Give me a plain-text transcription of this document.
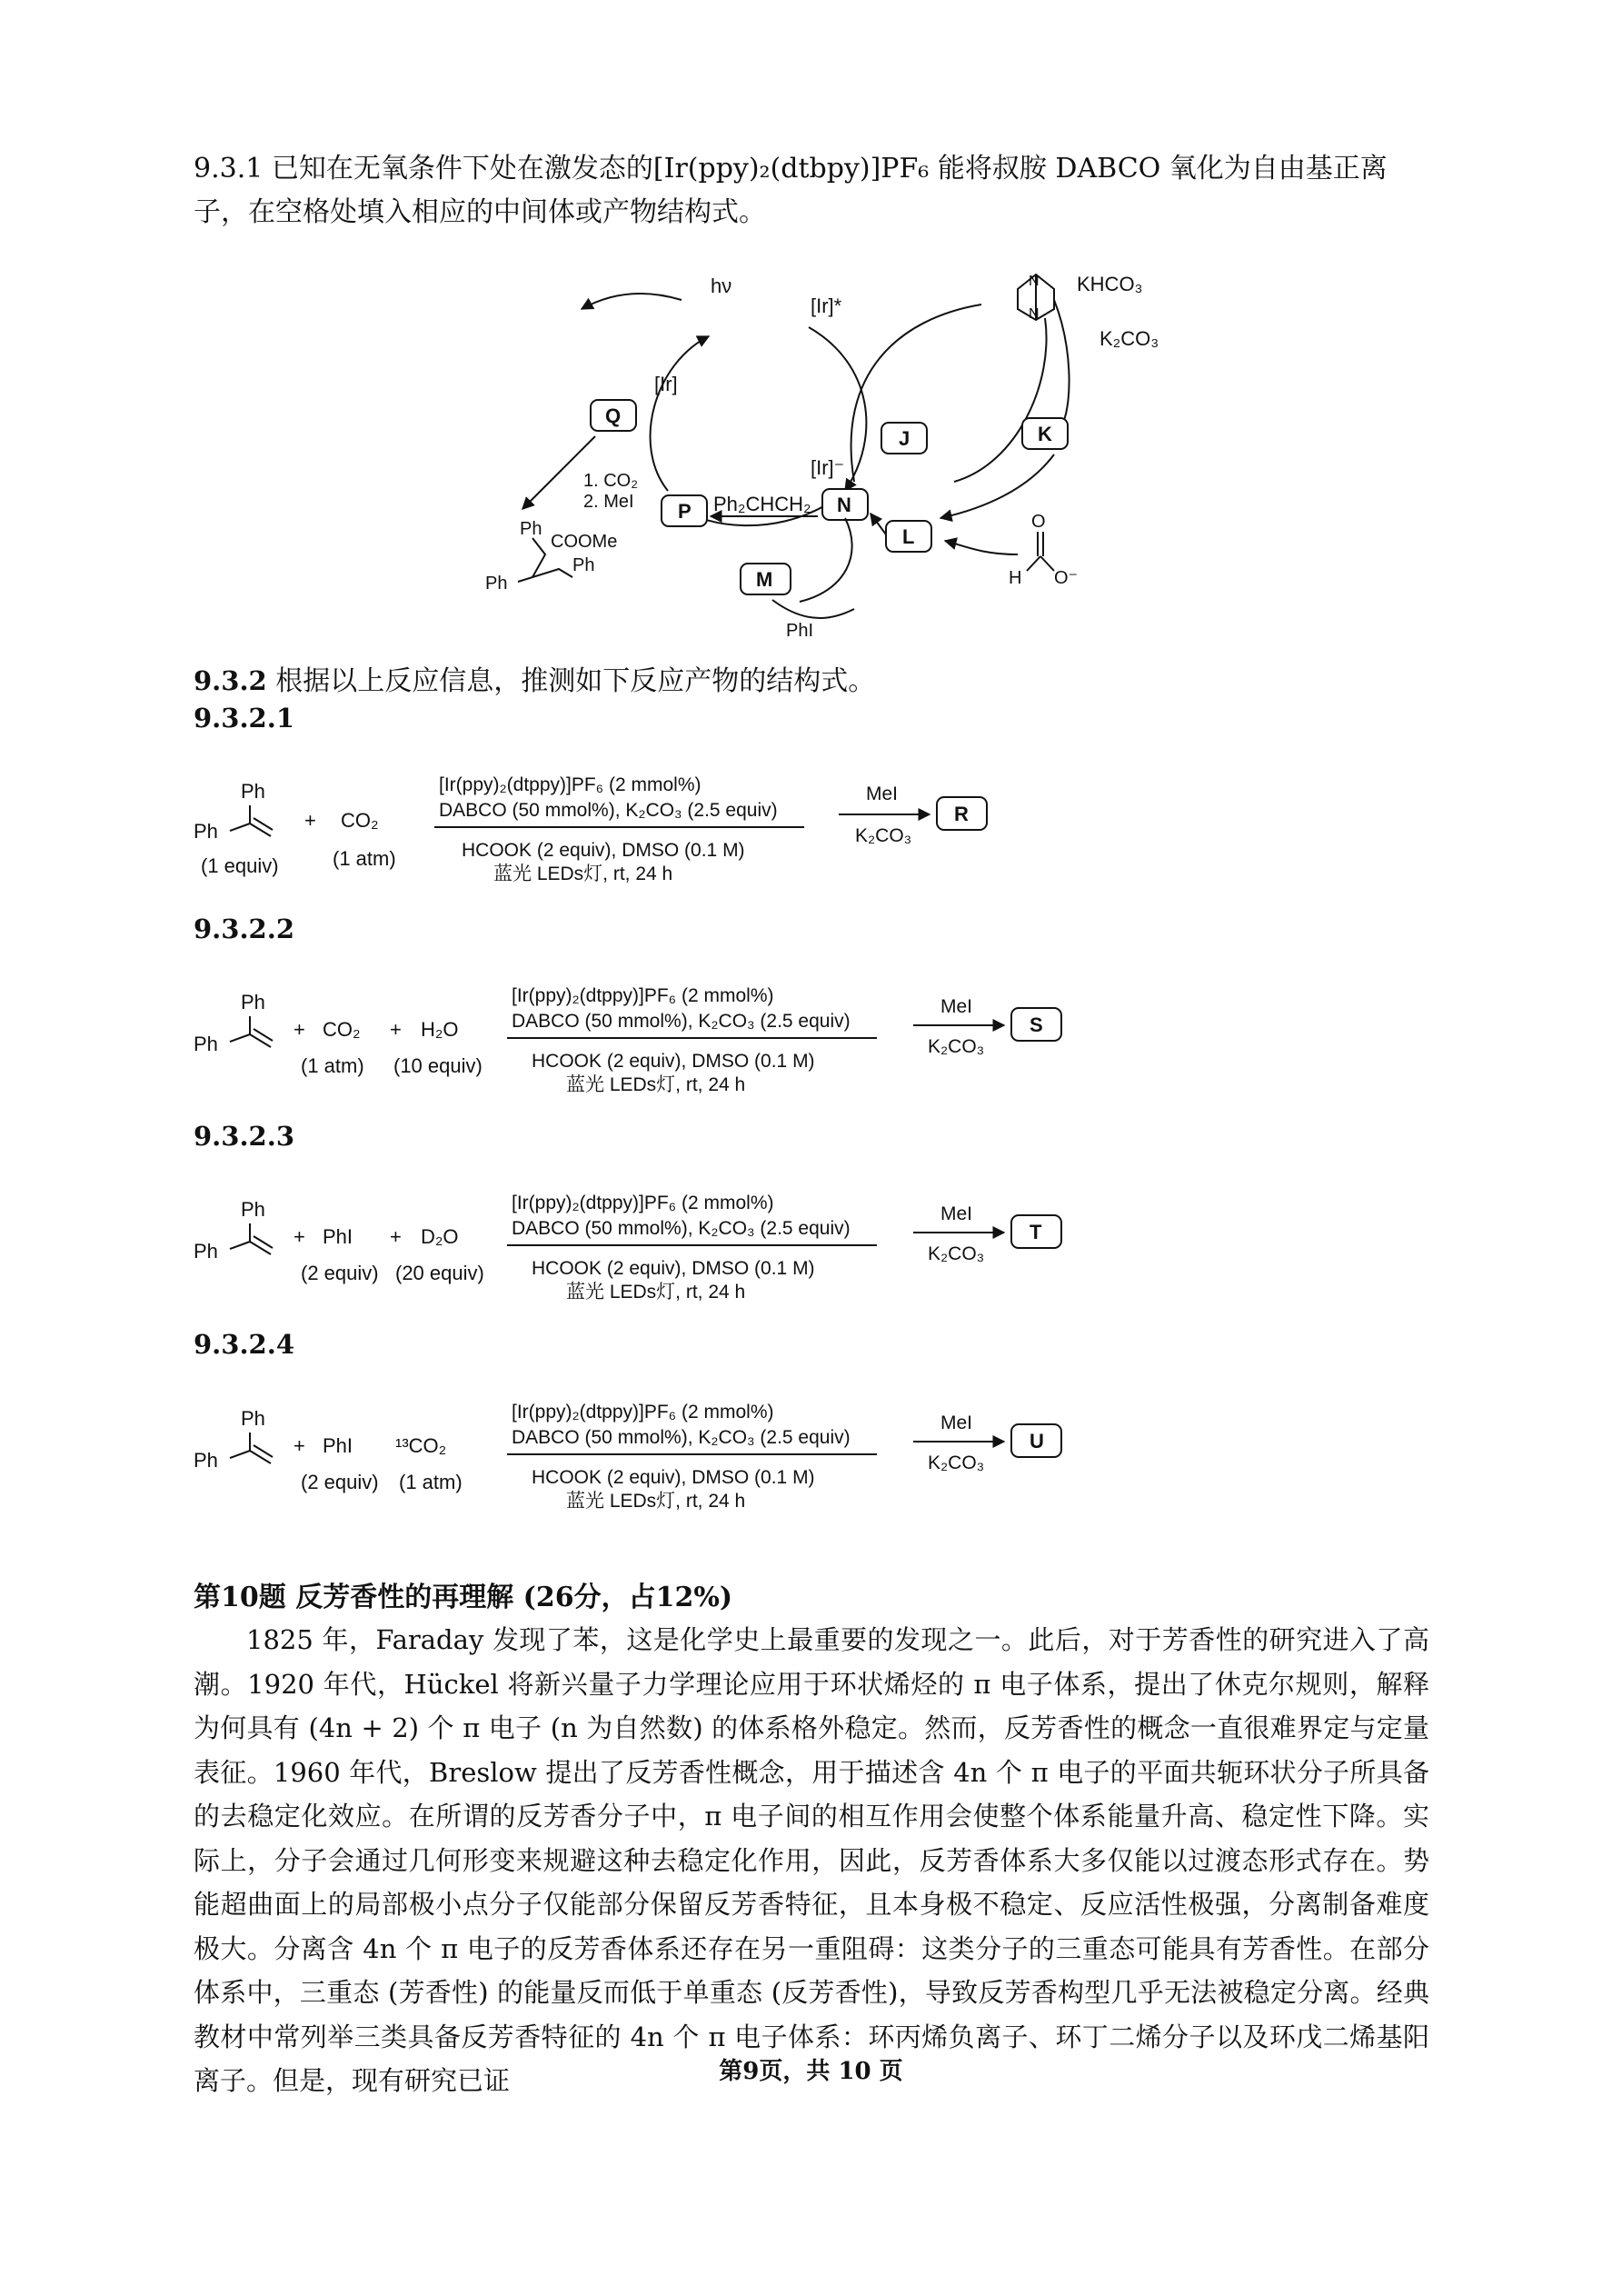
9.3.1 已知在无氧条件下处在激发态的[Ir(ppy)₂(dtbpy)]PF₆ 能将叔胺 DABCO 氧化为自由基正离子，在空格处填入相应的中间体或产物结构式。
hν
[Ir]*
[Ir]
[Ir]⁻
N
N
KHCO₃
K₂CO₃
Q
J	K
P	N
L
M
Ph₂CHCH₂
1. CO₂
2. MeI
Ph
COOMe
Ph
Ph
PhI
O
H O⁻
9.3.2 根据以上反应信息，推测如下反应产物的结构式。
9.3.2.1
Ph
Ph
(1 equiv)
+ CO₂
(1 atm)
[Ir(ppy)₂(dtppy)]PF₆ (2 mmol%)
DABCO (50 mmol%), K₂CO₃ (2.5 equiv)
HCOOK (2 equiv), DMSO (0.1 M)
蓝光 LEDs灯, rt, 24 h
MeI
K₂CO₃
R
9.3.2.2
Ph
Ph
+ CO₂
(1 atm)
+ H₂O
(10 equiv)
[Ir(ppy)₂(dtppy)]PF₆ (2 mmol%)
DABCO (50 mmol%), K₂CO₃ (2.5 equiv)
HCOOK (2 equiv), DMSO (0.1 M)
蓝光 LEDs灯, rt, 24 h
MeI
K₂CO₃
S
9.3.2.3
Ph
Ph
+ PhI
(2 equiv)
+ D₂O
(20 equiv)
[Ir(ppy)₂(dtppy)]PF₆ (2 mmol%)
DABCO (50 mmol%), K₂CO₃ (2.5 equiv)
HCOOK (2 equiv), DMSO (0.1 M)
蓝光 LEDs灯, rt, 24 h
MeI
K₂CO₃
T
9.3.2.4
Ph
Ph
+ PhI
(2 equiv)
¹³CO₂
(1 atm)
[Ir(ppy)₂(dtppy)]PF₆ (2 mmol%)
DABCO (50 mmol%), K₂CO₃ (2.5 equiv)
HCOOK (2 equiv), DMSO (0.1 M)
蓝光 LEDs灯, rt, 24 h
MeI
K₂CO₃
U
第10题 反芳香性的再理解 (26分，占12%)

1825 年，Faraday 发现了苯，这是化学史上最重要的发现之一。此后，对于芳香性的研究进入了高潮。1920 年代，Hückel 将新兴量子力学理论应用于环状烯烃的 π 电子体系，提出了休克尔规则，解释为何具有 (4n + 2) 个 π 电子 (n 为自然数) 的体系格外稳定。然而，反芳香性的概念一直很难界定与定量表征。1960 年代，Breslow 提出了反芳香性概念，用于描述含 4n 个 π 电子的平面共轭环状分子所具备的去稳定化效应。在所谓的反芳香分子中，π 电子间的相互作用会使整个体系能量升高、稳定性下降。实际上，分子会通过几何形变来规避这种去稳定化作用，因此，反芳香体系大多仅能以过渡态形式存在。势能超曲面上的局部极小点分子仅能部分保留反芳香特征，且本身极不稳定、反应活性极强，分离制备难度极大。分离含 4n 个 π 电子的反芳香体系还存在另一重阻碍：这类分子的三重态可能具有芳香性。在部分体系中，三重态 (芳香性) 的能量反而低于单重态 (反芳香性)，导致反芳香构型几乎无法被稳定分离。经典教材中常列举三类具备反芳香特征的 4n 个 π 电子体系：环丙烯负离子、环丁二烯分子以及环戊二烯基阳离子。但是，现有研究已证	第9页，共 10 页
